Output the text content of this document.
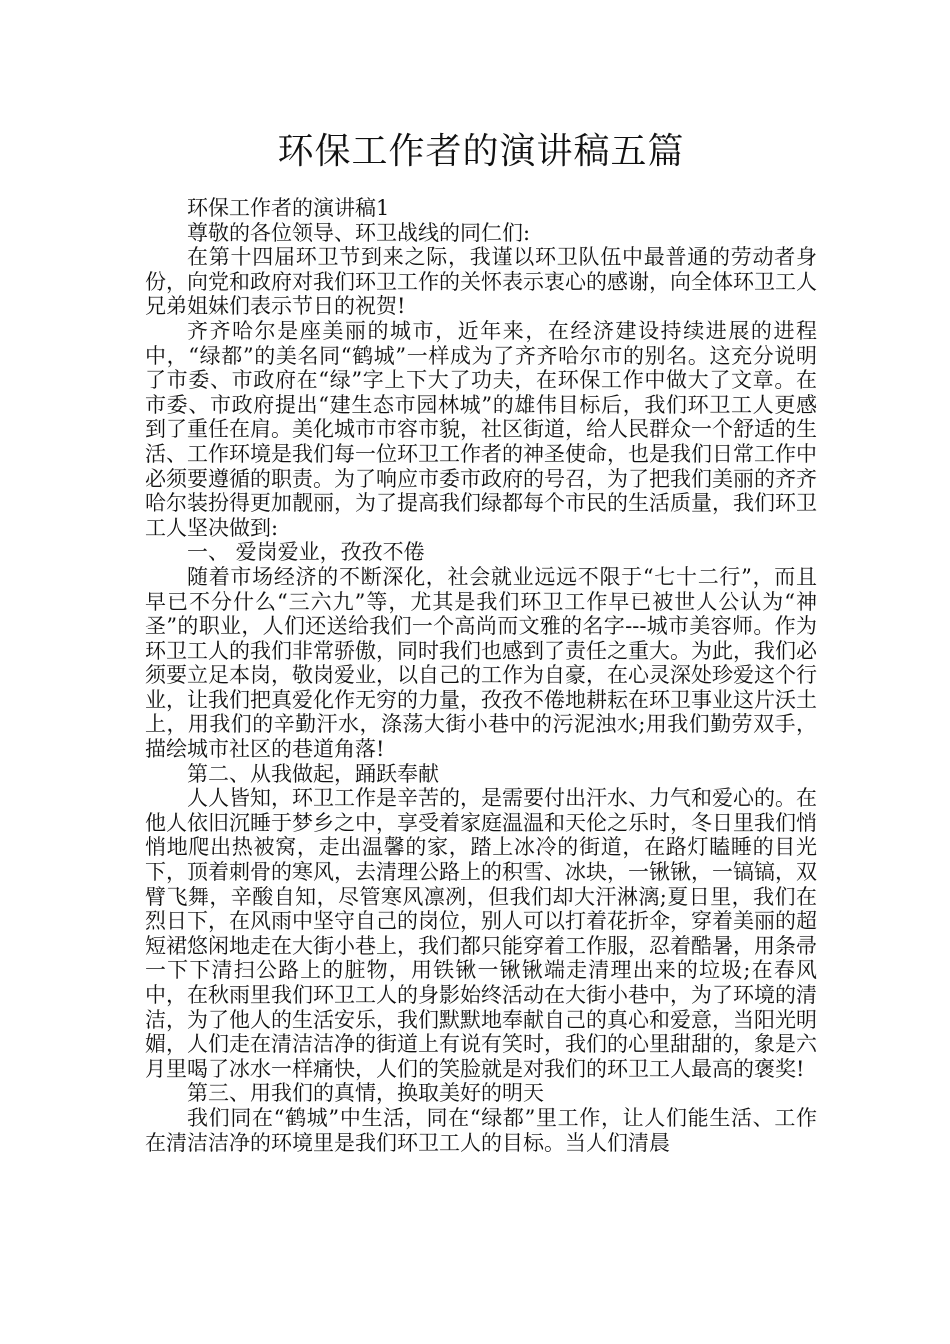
环保工作者的演讲稿五篇

环保工作者的演讲稿1

尊敬的各位领导、环卫战线的同仁们:

在第十四届环卫节到来之际，我谨以环卫队伍中最普通的劳动者身份，向党和政府对我们环卫工作的关怀表示衷心的感谢，向全体环卫工人兄弟姐妹们表示节日的祝贺!

齐齐哈尔是座美丽的城市，近年来，在经济建设持续进展的进程中，“绿都”的美名同“鹤城”一样成为了齐齐哈尔市的别名。这充分说明了市委、市政府在“绿”字上下大了功夫，在环保工作中做大了文章。在市委、市政府提出“建生态市园林城”的雄伟目标后，我们环卫工人更感到了重任在肩。美化城市市容市貌，社区街道，给人民群众一个舒适的生活、工作环境是我们每一位环卫工作者的神圣使命，也是我们日常工作中必须要遵循的职责。为了响应市委市政府的号召，为了把我们美丽的齐齐哈尔装扮得更加靓丽，为了提高我们绿都每个市民的生活质量，我们环卫工人坚决做到:

一、 爱岗爱业，孜孜不倦

随着市场经济的不断深化，社会就业远远不限于“七十二行”，而且早已不分什么“三六九”等，尤其是我们环卫工作早已被世人公认为“神圣”的职业，人们还送给我们一个高尚而文雅的名字---城市美容师。作为环卫工人的我们非常骄傲，同时我们也感到了责任之重大。为此，我们必须要立足本岗，敬岗爱业，以自己的工作为自豪，在心灵深处珍爱这个行业，让我们把真爱化作无穷的力量，孜孜不倦地耕耘在环卫事业这片沃土上，用我们的辛勤汗水，涤荡大街小巷中的污泥浊水;用我们勤劳双手，描绘城市社区的巷道角落!

第二、从我做起，踊跃奉献

人人皆知，环卫工作是辛苦的，是需要付出汗水、力气和爱心的。在他人依旧沉睡于梦乡之中，享受着家庭温温和天伦之乐时，冬日里我们悄悄地爬出热被窝，走出温馨的家，踏上冰冷的街道，在路灯瞌睡的目光下，顶着刺骨的寒风，去清理公路上的积雪、冰块，一锹锹，一镐镐，双臂飞舞，辛酸自知，尽管寒风凛冽，但我们却大汗淋漓;夏日里，我们在烈日下，在风雨中坚守自己的岗位，别人可以打着花折伞，穿着美丽的超短裙悠闲地走在大街小巷上，我们都只能穿着工作服，忍着酷暑，用条帚一下下清扫公路上的脏物，用铁锹一锹锹端走清理出来的垃圾;在春风中，在秋雨里我们环卫工人的身影始终活动在大街小巷中，为了环境的清洁，为了他人的生活安乐，我们默默地奉献自己的真心和爱意，当阳光明媚，人们走在清洁洁净的街道上有说有笑时，我们的心里甜甜的，象是六月里喝了冰水一样痛快，人们的笑脸就是对我们的环卫工人最高的褒奖!

第三、用我们的真情，换取美好的明天

我们同在“鹤城”中生活，同在“绿都”里工作，让人们能生活、工作在清洁洁净的环境里是我们环卫工人的目标。当人们清晨
